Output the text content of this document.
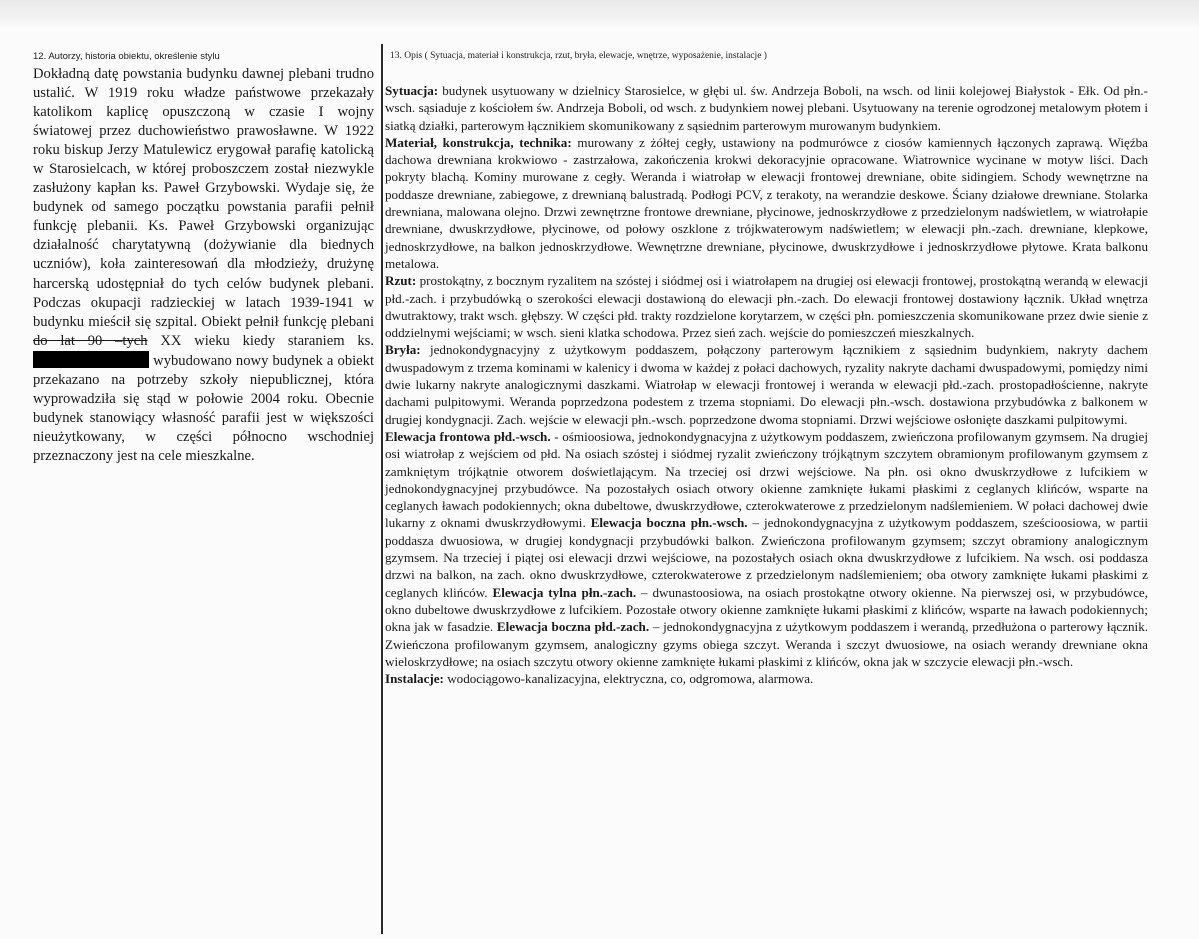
12. Autorzy, historia obiektu, określenie stylu	13. Opis ( Sytuacja, materiał i konstrukcja, rzut, bryła, elewacje, wnętrze, wyposażenie, instalacje )

Dokładną datę powstania budynku dawnej plebani trudno ustalić. W 1919 roku władze państwowe przekazały katolikom kaplicę opuszczoną w czasie I wojny światowej przez duchowieństwo prawosławne. W 1922 roku biskup Jerzy Matulewicz erygował parafię katolicką w Starosielcach, w której proboszczem został niezwykle zasłużony kapłan ks. Paweł Grzybowski. Wydaje się, że budynek od samego początku powstania parafii pełnił funkcję plebanii. Ks. Paweł Grzybowski organizując działalność charytatywną (dożywianie dla biednych uczniów), koła zainteresowań dla młodzieży, drużynę harcerską udostępniał do tych celów budynek plebani. Podczas okupacji radzieckiej w latach 1939-1941 w budynku mieścił się szpital. Obiekt pełnił funkcję plebani do lat 90 –tych XX wieku kiedy staraniem ks.  wybudowano nowy budynek a obiekt przekazano na potrzeby szkoły niepublicznej, która wyprowadziła się stąd w połowie 2004 roku. Obecnie budynek stanowiący własność parafii jest w większości nieużytkowany, w części północno wschodniej przeznaczony jest na cele mieszkalne.

Sytuacja: budynek usytuowany w dzielnicy Starosielce, w głębi ul. św. Andrzeja Boboli, na wsch. od linii kolejowej Białystok - Ełk. Od płn.-wsch. sąsiaduje z kościołem św. Andrzeja Boboli, od wsch. z budynkiem nowej plebani. Usytuowany na terenie ogrodzonej metalowym płotem i siatką działki, parterowym łącznikiem skomunikowany z sąsiednim parterowym murowanym budynkiem.

Materiał, konstrukcja, technika: murowany z żółtej cegły, ustawiony na podmurówce z ciosów kamiennych łączonych zaprawą. Więźba dachowa drewniana krokwiowo - zastrzałowa, zakończenia krokwi dekoracyjnie opracowane. Wiatrownice wycinane w motyw liści. Dach pokryty blachą. Kominy murowane z cegły. Weranda i wiatrołap w elewacji frontowej drewniane, obite sidingiem. Schody wewnętrzne na poddasze drewniane, zabiegowe, z drewnianą balustradą. Podłogi PCV, z terakoty, na werandzie deskowe. Ściany działowe drewniane. Stolarka drewniana, malowana olejno. Drzwi zewnętrzne frontowe drewniane, płycinowe, jednoskrzydłowe z przedzielonym nadświetlem, w wiatrołapie drewniane, dwuskrzydłowe, płycinowe, od połowy oszklone z trójkwaterowym nadświetlem; w elewacji płn.-zach. drewniane, klepkowe, jednoskrzydłowe, na balkon jednoskrzydłowe. Wewnętrzne drewniane, płycinowe, dwuskrzydłowe i jednoskrzydłowe płytowe. Krata balkonu metalowa.

Rzut: prostokątny, z bocznym ryzalitem na szóstej i siódmej osi i wiatrołapem na drugiej osi elewacji frontowej, prostokątną werandą w elewacji płd.-zach. i przybudówką o szerokości elewacji dostawioną do elewacji płn.-zach. Do elewacji frontowej dostawiony łącznik. Układ wnętrza dwutraktowy, trakt wsch. głębszy. W części płd. trakty rozdzielone korytarzem, w części płn. pomieszczenia skomunikowane przez dwie sienie z oddzielnymi wejściami; w wsch. sieni klatka schodowa. Przez sień zach. wejście do pomieszczeń mieszkalnych.

Bryła: jednokondygnacyjny z użytkowym poddaszem, połączony parterowym łącznikiem z sąsiednim budynkiem, nakryty dachem dwuspadowym z trzema kominami w kalenicy i dwoma w każdej z połaci dachowych, ryzality nakryte dachami dwuspadowymi, pomiędzy nimi dwie lukarny nakryte analogicznymi daszkami. Wiatrołap w elewacji frontowej i weranda w elewacji płd.-zach. prostopadłościenne, nakryte dachami pulpitowymi. Weranda poprzedzona podestem z trzema stopniami. Do elewacji płn.-wsch. dostawiona przybudówka z balkonem w drugiej kondygnacji. Zach. wejście w elewacji płn.-wsch. poprzedzone dwoma stopniami. Drzwi wejściowe osłonięte daszkami pulpitowymi.

Elewacja frontowa płd.-wsch. - ośmioosiowa, jednokondygnacyjna z użytkowym poddaszem, zwieńczona profilowanym gzymsem. Na drugiej osi wiatrołap z wejściem od płd. Na osiach szóstej i siódmej ryzalit zwieńczony trójkątnym szczytem obramionym profilowanym gzymsem z zamkniętym trójkątnie otworem doświetlającym. Na trzeciej osi drzwi wejściowe. Na płn. osi okno dwuskrzydłowe z lufcikiem w jednokondygnacyjnej przybudówce. Na pozostałych osiach otwory okienne zamknięte łukami płaskimi z ceglanych klińców, wsparte na ceglanych ławach podokiennych; okna dubeltowe, dwuskrzydłowe, czterokwaterowe z przedzielonym nadślemieniem. W połaci dachowej dwie lukarny z oknami dwuskrzydłowymi. Elewacja boczna płn.-wsch. – jednokondygnacyjna z użytkowym poddaszem, sześcioosiowa, w partii poddasza dwuosiowa, w drugiej kondygnacji przybudówki balkon. Zwieńczona profilowanym gzymsem; szczyt obramiony analogicznym gzymsem. Na trzeciej i piątej osi elewacji drzwi wejściowe, na pozostałych osiach okna dwuskrzydłowe z lufcikiem. Na wsch. osi poddasza drzwi na balkon, na zach. okno dwuskrzydłowe, czterokwaterowe z przedzielonym nadślemieniem; oba otwory zamknięte łukami płaskimi z ceglanych klińców. Elewacja tylna płn.-zach. – dwunastoosiowa, na osiach prostokątne otwory okienne. Na pierwszej osi, w przybudówce, okno dubeltowe dwuskrzydłowe z lufcikiem. Pozostałe otwory okienne zamknięte łukami płaskimi z klińców, wsparte na ławach podokiennych; okna jak w fasadzie. Elewacja boczna płd.-zach. – jednokondygnacyjna z użytkowym poddaszem i werandą, przedłużona o parterowy łącznik. Zwieńczona profilowanym gzymsem, analogiczny gzyms obiega szczyt. Weranda i szczyt dwuosiowe, na osiach werandy drewniane okna wieloskrzydłowe; na osiach szczytu otwory okienne zamknięte łukami płaskimi z klińców, okna jak w szczycie elewacji płn.-wsch.

Instalacje: wodociągowo-kanalizacyjna, elektryczna, co, odgromowa, alarmowa.
